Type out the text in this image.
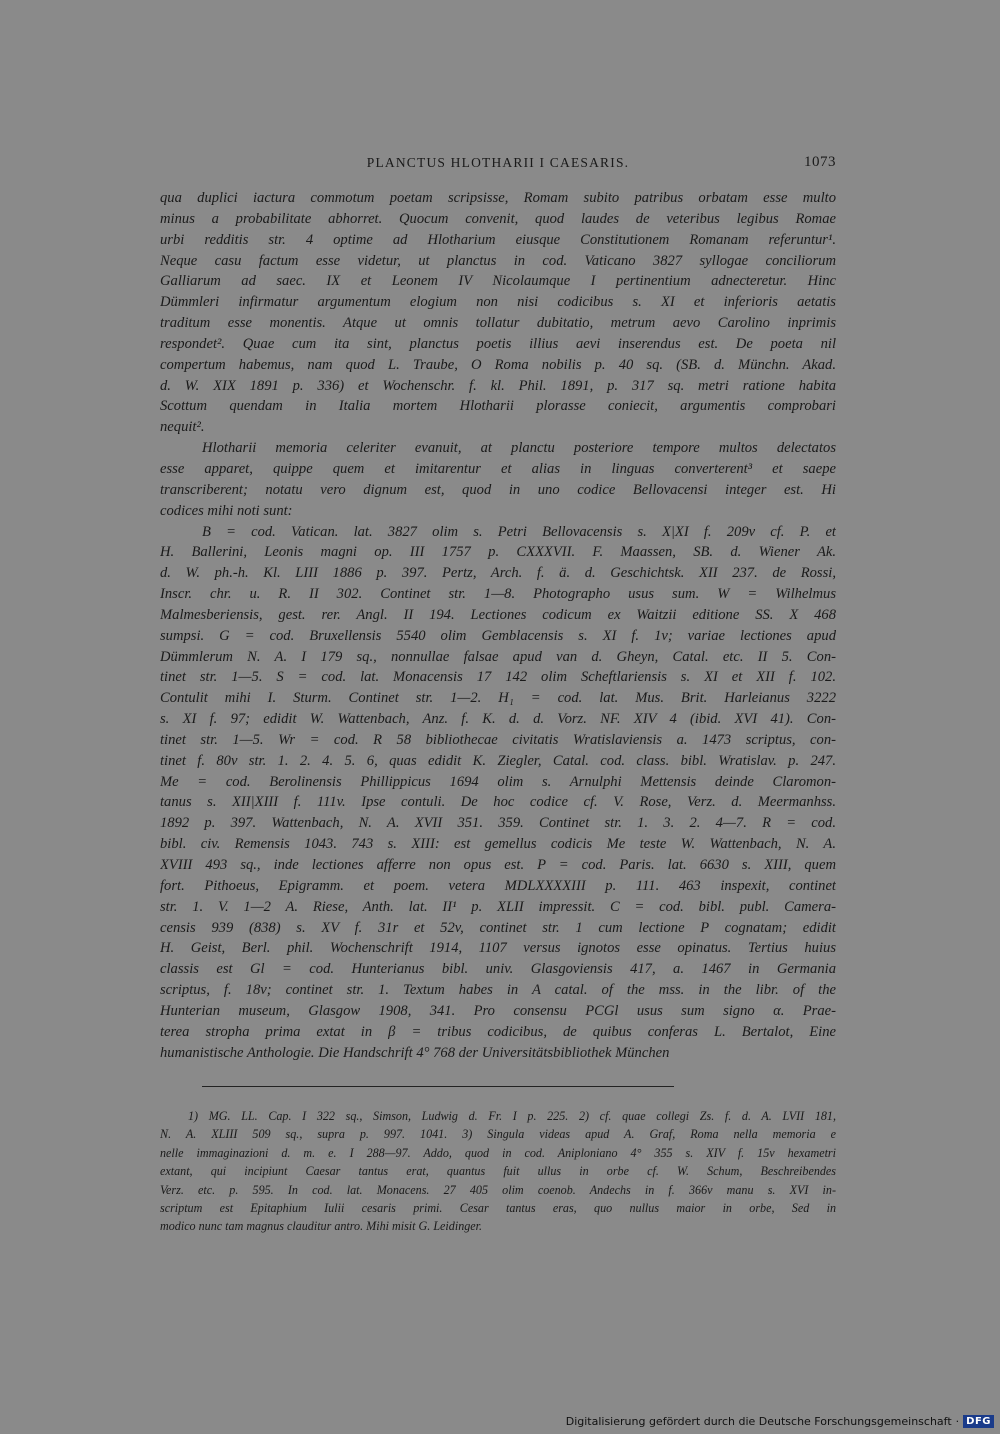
PLANCTUS HLOTHARII I CAESARIS.	1073
qua duplici iactura commotum poetam scripsisse, Romam subito patribus orbatam esse multo
minus a probabilitate abhorret. Quocum convenit, quod laudes de veteribus legibus Romae
urbi redditis str. 4 optime ad Hlotharium eiusque Constitutionem Romanam referuntur¹.
Neque casu factum esse videtur, ut planctus in cod. Vaticano 3827 syllogae conciliorum
Galliarum ad saec. IX et Leonem IV Nicolaumque I pertinentium adnecteretur. Hinc
Dümmleri infirmatur argumentum elogium non nisi codicibus s. XI et inferioris aetatis
traditum esse monentis. Atque ut omnis tollatur dubitatio, metrum aevo Carolino inprimis
respondet². Quae cum ita sint, planctus poetis illius aevi inserendus est. De poeta nil
compertum habemus, nam quod L. Traube, O Roma nobilis p. 40 sq. (SB. d. Münchn. Akad.
d. W. XIX 1891 p. 336) et Wochenschr. f. kl. Phil. 1891, p. 317 sq. metri ratione habita
Scottum quendam in Italia mortem Hlotharii plorasse coniecit, argumentis comprobari
nequit².
Hlotharii memoria celeriter evanuit, at planctu posteriore tempore multos delectatos
esse apparet, quippe quem et imitarentur et alias in linguas converterent³ et saepe
transcriberent; notatu vero dignum est, quod in uno codice Bellovacensi integer est. Hi
codices mihi noti sunt:
B = cod. Vatican. lat. 3827 olim s. Petri Bellovacensis s. X|XI f. 209v cf. P. et
H. Ballerini, Leonis magni op. III 1757 p. CXXXVII. F. Maassen, SB. d. Wiener Ak.
d. W. ph.-h. Kl. LIII 1886 p. 397. Pertz, Arch. f. ä. d. Geschichtsk. XII 237. de Rossi,
Inscr. chr. u. R. II 302. Continet str. 1—8. Photographo usus sum. W = Wilhelmus
Malmesberiensis, gest. rer. Angl. II 194. Lectiones codicum ex Waitzii editione SS. X 468
sumpsi. G = cod. Bruxellensis 5540 olim Gemblacensis s. XI f. 1v; variae lectiones apud
Dümmlerum N. A. I 179 sq., nonnullae falsae apud van d. Gheyn, Catal. etc. II 5. Con-
tinet str. 1—5. S = cod. lat. Monacensis 17 142 olim Scheftlariensis s. XI et XII f. 102.
Contulit mihi I. Sturm. Continet str. 1—2. H₁ = cod. lat. Mus. Brit. Harleianus 3222
s. XI f. 97; edidit W. Wattenbach, Anz. f. K. d. d. Vorz. NF. XIV 4 (ibid. XVI 41). Con-
tinet str. 1—5. Wr = cod. R 58 bibliothecae civitatis Wratislaviensis a. 1473 scriptus, con-
tinet f. 80v str. 1. 2. 4. 5. 6, quas edidit K. Ziegler, Catal. cod. class. bibl. Wratislav. p. 247.
Me = cod. Berolinensis Phillippicus 1694 olim s. Arnulphi Mettensis deinde Claromon-
tanus s. XII|XIII f. 111v. Ipse contuli. De hoc codice cf. V. Rose, Verz. d. Meermanhss.
1892 p. 397. Wattenbach, N. A. XVII 351. 359. Continet str. 1. 3. 2. 4—7. R = cod.
bibl. civ. Remensis 1043. 743 s. XIII: est gemellus codicis Me teste W. Wattenbach, N. A.
XVIII 493 sq., inde lectiones afferre non opus est. P = cod. Paris. lat. 6630 s. XIII, quem
fort. Pithoeus, Epigramm. et poem. vetera MDLXXXXIII p. 111. 463 inspexit, continet
str. 1. V. 1—2 A. Riese, Anth. lat. II¹ p. XLII impressit. C = cod. bibl. publ. Camera-
censis 939 (838) s. XV f. 31r et 52v, continet str. 1 cum lectione P cognatam; edidit
H. Geist, Berl. phil. Wochenschrift 1914, 1107 versus ignotos esse opinatus. Tertius huius
classis est Gl = cod. Hunterianus bibl. univ. Glasgoviensis 417, a. 1467 in Germania
scriptus, f. 18v; continet str. 1. Textum habes in A catal. of the mss. in the libr. of the
Hunterian museum, Glasgow 1908, 341. Pro consensu PCGl usus sum signo α. Prae-
terea stropha prima extat in β = tribus codicibus, de quibus conferas L. Bertalot, Eine
humanistische Anthologie. Die Handschrift 4° 768 der Universitätsbibliothek München
1) MG. LL. Cap. I 322 sq., Simson, Ludwig d. Fr. I p. 225. 2) cf. quae collegi Zs. f. d. A. LVII 181,
N. A. XLIII 509 sq., supra p. 997. 1041. 3) Singula videas apud A. Graf, Roma nella memoria e
nelle immaginazioni d. m. e. I 288—97. Addo, quod in cod. Aniploniano 4° 355 s. XIV f. 15v hexametri
extant, qui incipiunt Caesar tantus erat, quantus fuit ullus in orbe cf. W. Schum, Beschreibendes
Verz. etc. p. 595. In cod. lat. Monacens. 27 405 olim coenob. Andechs in f. 366v manu s. XVI in-
scriptum est Epitaphium Iulii cesaris primi. Cesar tantus eras, quo nullus maior in orbe, Sed in
modico nunc tam magnus clauditur antro. Mihi misit G. Leidinger.
Digitalisierung gefördert durch die Deutsche Forschungsgemeinschaft · DFG
